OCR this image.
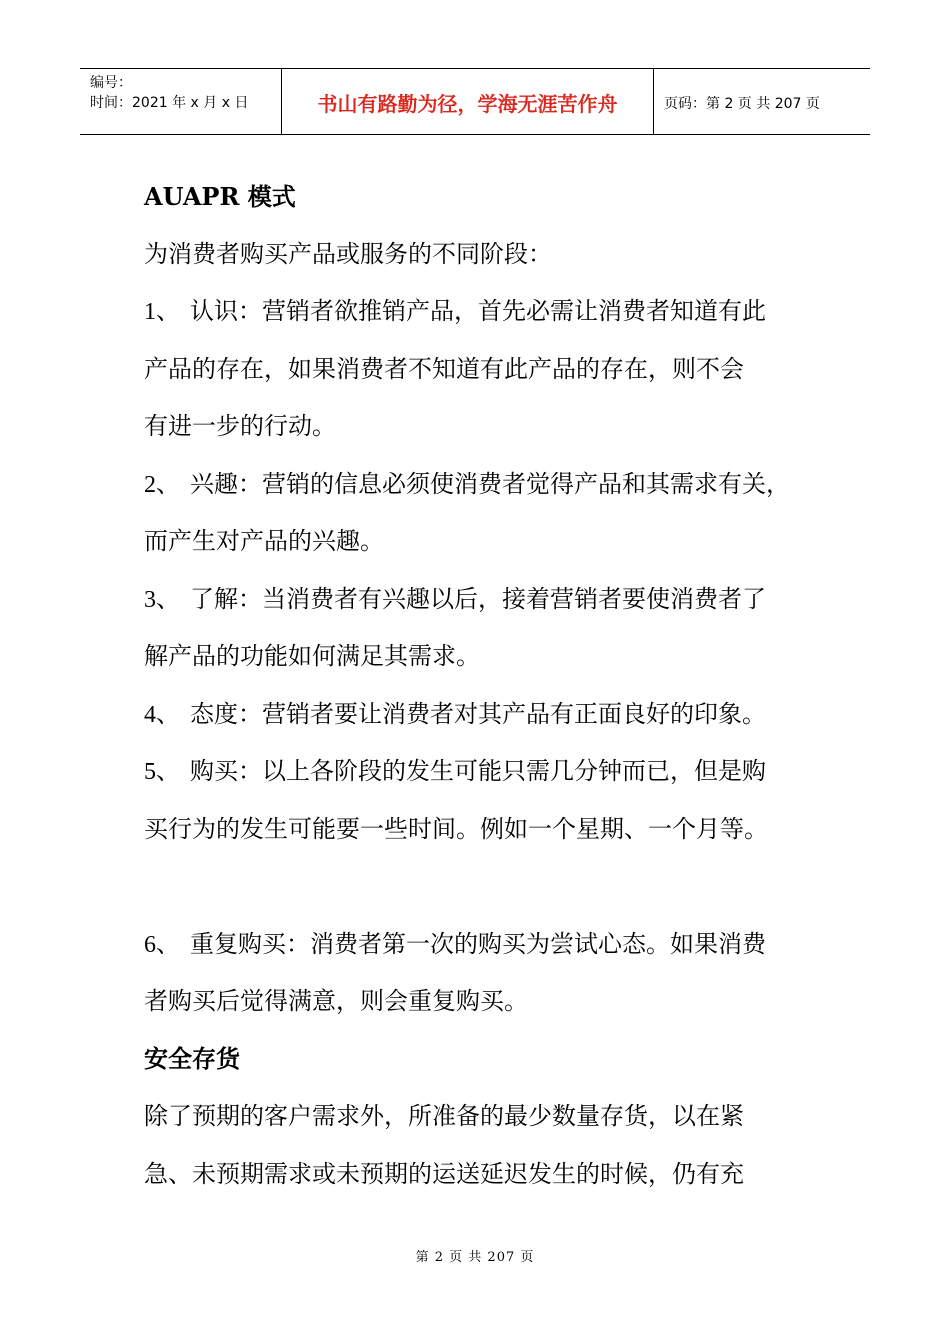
编号：
时间：2021 年 x 月 x 日	书山有路勤为径，学海无涯苦作舟	页码：第 2 页 共 207 页
AUAPR 模式
为消费者购买产品或服务的不同阶段：
1、 认识：营销者欲推销产品，首先必需让消费者知道有此
产品的存在，如果消费者不知道有此产品的存在，则不会
有进一步的行动。
2、 兴趣：营销的信息必须使消费者觉得产品和其需求有关，
而产生对产品的兴趣。
3、 了解：当消费者有兴趣以后，接着营销者要使消费者了
解产品的功能如何满足其需求。
4、 态度：营销者要让消费者对其产品有正面良好的印象。
5、 购买：以上各阶段的发生可能只需几分钟而已，但是购
买行为的发生可能要一些时间。例如一个星期、一个月等。
6、 重复购买：消费者第一次的购买为尝试心态。如果消费
者购买后觉得满意，则会重复购买。
安全存货
除了预期的客户需求外，所准备的最少数量存货，以在紧
急、未预期需求或未预期的运送延迟发生的时候，仍有充
第 2 页 共 207 页
